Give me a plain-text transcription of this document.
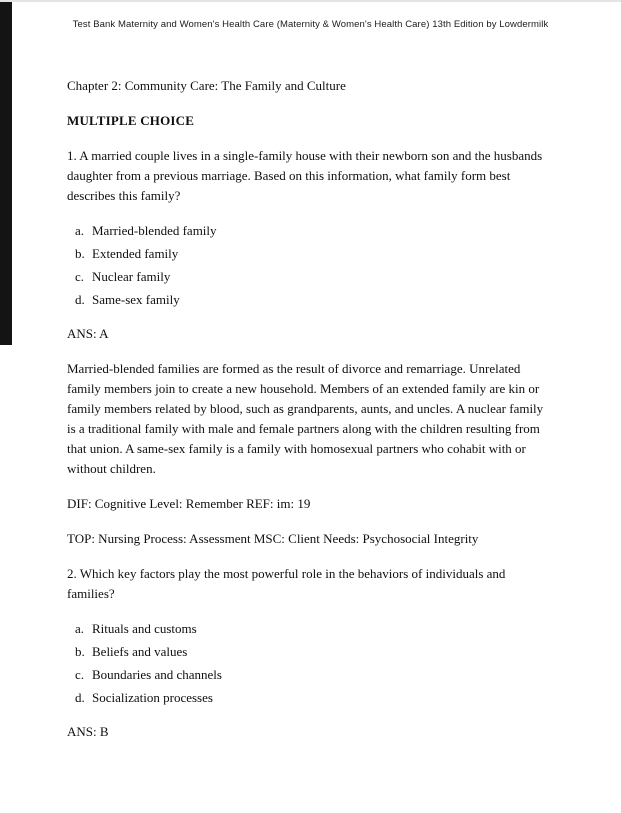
Test Bank Maternity and Women's Health Care (Maternity & Women's Health Care) 13th Edition by Lowdermilk

Chapter 2: Community Care: The Family and Culture

MULTIPLE CHOICE

1. A married couple lives in a single-family house with their newborn son and the husbands daughter from a previous marriage. Based on this information, what family form best describes this family?

a. Married-blended family
b. Extended family
c. Nuclear family
d. Same-sex family

ANS: A

Married-blended families are formed as the result of divorce and remarriage. Unrelated family members join to create a new household. Members of an extended family are kin or family members related by blood, such as grandparents, aunts, and uncles. A nuclear family is a traditional family with male and female partners along with the children resulting from that union. A same-sex family is a family with homosexual partners who cohabit with or without children.

DIF: Cognitive Level: Remember REF: im: 19

TOP: Nursing Process: Assessment MSC: Client Needs: Psychosocial Integrity

2. Which key factors play the most powerful role in the behaviors of individuals and families?

a. Rituals and customs
b. Beliefs and values
c. Boundaries and channels
d. Socialization processes

ANS: B
